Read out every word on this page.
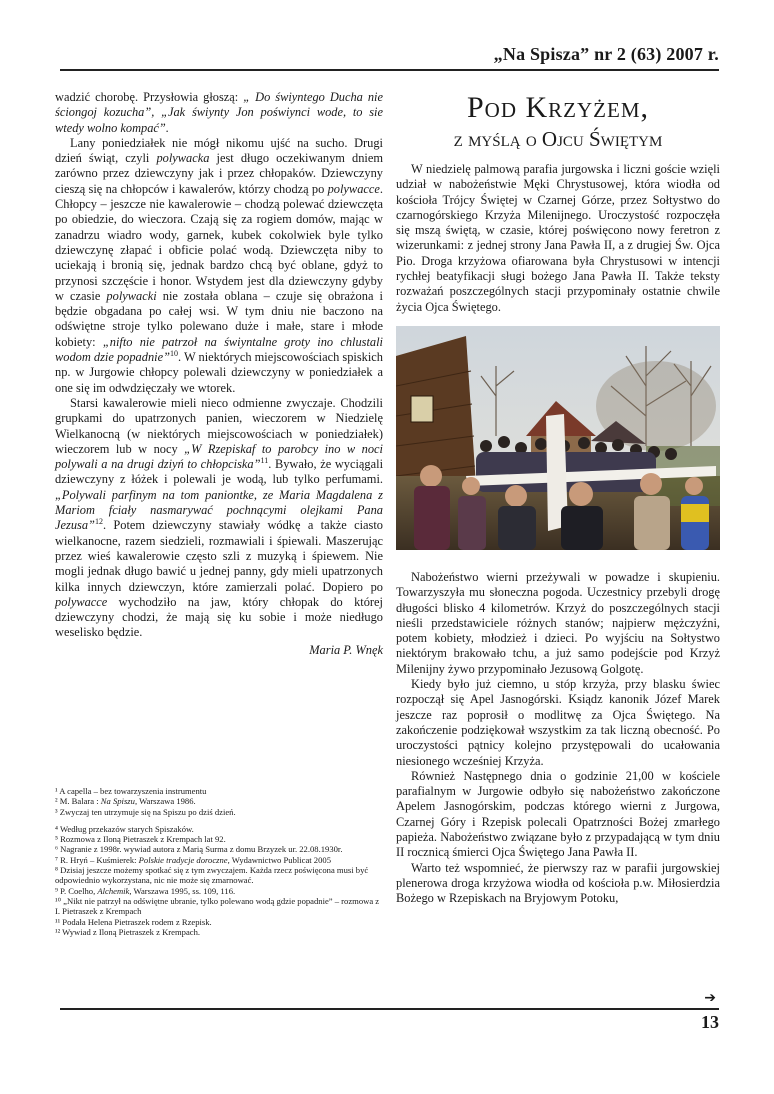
„Na Spisza” nr 2 (63) 2007 r.

wadzić chorobę. Przysłowia głoszą: „ Do świyntego Ducha nie ściongoj kozucha”, „Jak świynty Jon poświynci wode, to sie wtedy wolno kompać”.

Lany poniedziałek nie mógł nikomu ujść na sucho. Drugi dzień świąt, czyli polywacka jest długo oczekiwanym dniem zarówno przez dziewczyny jak i przez chłopaków. Dziewczyny cieszą się na chłopców i kawalerów, którzy chodzą po polywacce. Chłopcy – jeszcze nie kawalerowie – chodzą polewać dziewczęta po obiedzie, do wieczora. Czają się za rogiem domów, mając w zanadrzu wiadro wody, garnek, kubek cokolwiek byle tylko dziewczynę złapać i obficie polać wodą. Dziewczęta niby to uciekają i bronią się, jednak bardzo chcą być oblane, gdyż to przynosi szczęście i honor. Wstydem jest dla dziewczyny gdyby w czasie polywacki nie została oblana – czuje się obrażona i będzie obgadana po całej wsi. W tym dniu nie baczono na odświętne stroje tylko polewano duże i małe, stare i młode kobiety: „nifto nie patrzoł na świyntalne groty ino chlustali wodom dzie popadnie”$^{10}$. W niektórych miejscowościach spiskich np. w Jurgowie chłopcy polewali dziewczyny w poniedziałek a one się im odwdzięczały we wtorek.

Starsi kawalerowie mieli nieco odmienne zwyczaje. Chodzili grupkami do upatrzonych panien, wieczorem w Niedzielę Wielkanocną (w niektórych miejscowościach w poniedziałek) wieczorem lub w nocy „W Rzepiskaf to parobcy ino w noci polywali a na drugi dziyń to chłopciska”$^{11}$. Bywało, że wyciągali dziewczyny z łóżek i polewali je wodą, lub tylko perfumami. „Polywali parfinym na tom paniontke, ze Maria Magdalena z Mariom fciały nasmarуwać pochnącymi olejkami Pana Jezusa”$^{12}$. Potem dziewczyny stawiały wódkę a także ciasto wielkanocne, razem siedzieli, rozmawiali i śpiewali. Maszerując przez wieś kawalerowie często szli z muzyką i śpiewem. Nie mogli jednak długo bawić u jednej panny, gdy mieli upatrzonych kilka innych dziewczyn, które zamierzali polać. Dopiero po polywacce wychodziło na jaw, który chłopak do której dziewczyny chodzi, że mają się ku sobie i może niedługo weselisko będzie.

Maria P. Wnęk

¹ A capella – bez towarzyszenia instrumentu

² M. Balara : Na Spiszu, Warszawa 1986.

³ Zwyczaj ten utrzymuje się na Spiszu po dziś dzień.

⁴ Według przekazów starych Spiszaków.

⁵ Rozmowa z Iloną Pietraszek z Krempach lat 92.

⁶ Nagranie z 1998r. wywiad autora z Marią Surma z domu Brzyzek ur. 22.08.1930r.

⁷ R. Hryń – Kuśmierek: Polskie tradycje doroczne, Wydawnictwo Publicat 2005

⁸ Dzisiaj jeszcze możemy spotkać się z tym zwyczajem. Każda rzecz poświęcona musi być odpowiednio wykorzystana, nic nie może się zmarnować.

⁹ P. Coelho, Alchemik, Warszawa 1995, ss. 109, 116.

¹⁰ „Nikt nie patrzył na odświętne ubranie, tylko polewano wodą gdzie popadnie” – rozmowa z I. Pietraszek z Krempach

¹¹ Podała Helena Pietraszek rodem z Rzepisk.

¹² Wywiad z Iloną Pietraszek z Krempach.

Pod Krzyżem,
z myślą o Ojcu Świętym

W niedzielę palmową parafia jurgowska i liczni goście wzięli udział w nabożeństwie Męki Chrystusowej, która wiodła od kościoła Trójcy Świętej w Czarnej Górze, przez Sołtystwo do czarnogórskiego Krzyża Milenijnego. Uroczystość rozpoczęła się mszą świętą, w czasie, której poświęcono nowy feretron z wizerunkami: z jednej strony Jana Pawła II, a z drugiej Św. Ojca Pio. Droga krzyżowa ofiarowana była Chrystusowi w intencji rychłej beatyfikacji sługi bożego Jana Pawła II. Także teksty rozważań poszczególnych stacji przypominały ostatnie chwile życia Ojca Świętego.

Nabożeństwo wierni przeżywali w powadze i skupieniu. Towarzyszyła mu słoneczna pogoda. Uczestnicy przebyli drogę długości blisko 4 kilometrów. Krzyż do poszczególnych stacji nieśli przedstawiciele różnych stanów; najpierw mężczyźni, potem kobiety, młodzież i dzieci. Po wyjściu na Sołtystwo niektórym brakowało tchu, a już samo podejście pod Krzyż Milenijny żywo przypominało Jezusową Golgotę.

Kiedy było już ciemno, u stóp krzyża, przy blasku świec rozpoczął się Apel Jasnogórski. Ksiądz kanonik Józef Marek jeszcze raz poprosił o modlitwę za Ojca Świętego. Na zakończenie podziękował wszystkim za tak liczną obecność. Po uroczystości pątnicy kolejno przystępowali do ucałowania niesionego wcześniej Krzyża.

Również Następnego dnia o godzinie 21,00 w kościele parafialnym w Jurgowie odbyło się nabożeństwo zakończone Apelem Jasnogórskim, podczas którego wierni z Jurgowa, Czarnej Góry i Rzepisk polecali Opatrzności Bożej zmarłego papieża. Nabożeństwo związane było z przypadającą w tym dniu II rocznicą śmierci Ojca Świętego Jana Pawła II.

Warto też wspomnieć, że pierwszy raz w parafii jurgowskiej plenerowa droga krzyżowa wiodła od kościoła p.w. Miłosierdzia Bożego w Rzepiskach na Bryjowym Potoku,

➔
13
